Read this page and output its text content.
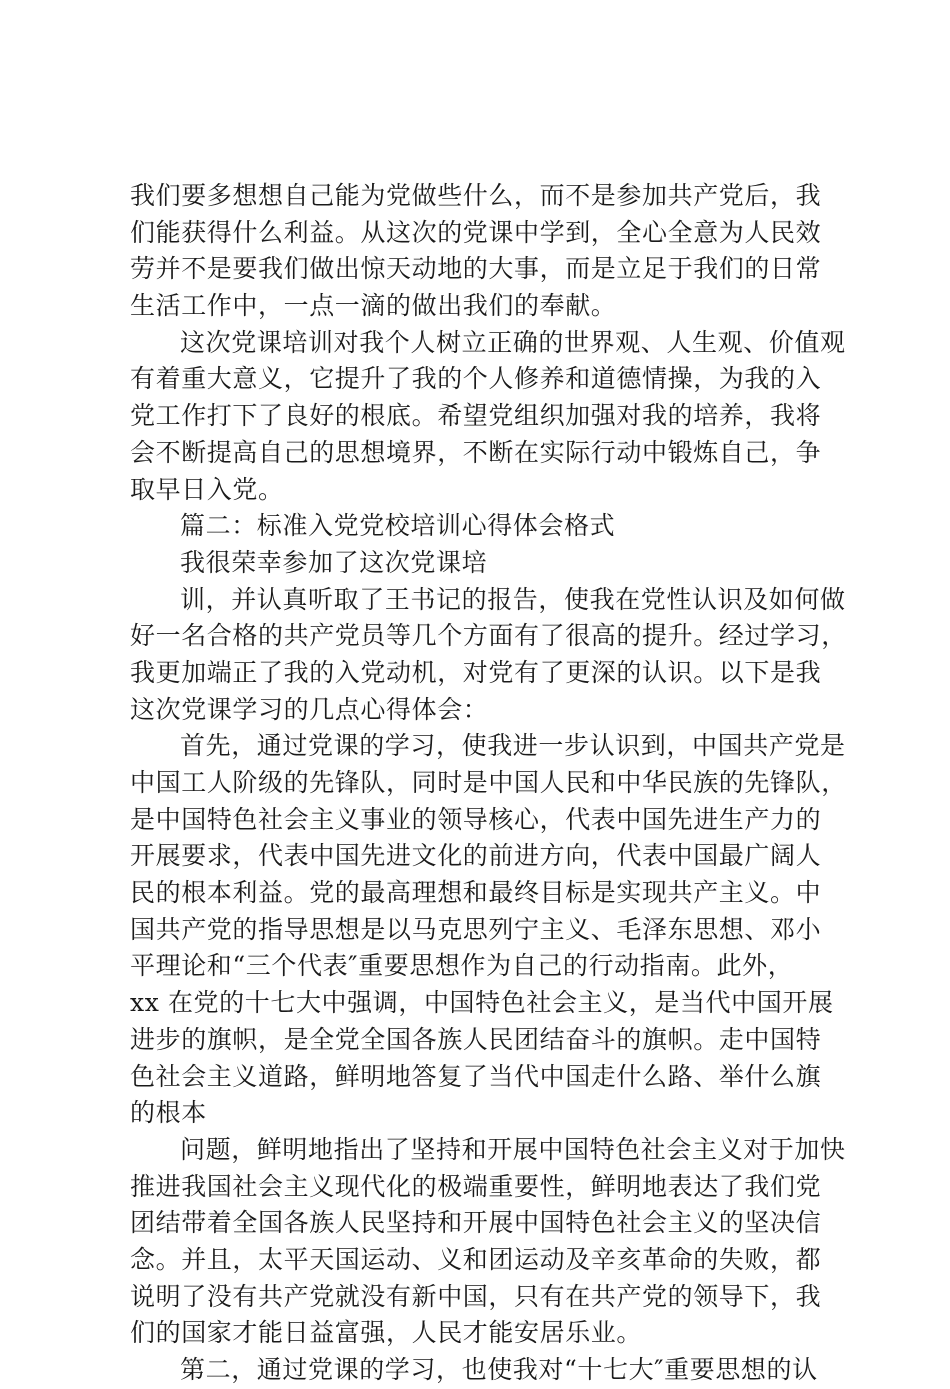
我们要多想想自己能为党做些什么，而不是参加共产党后，我
们能获得什么利益。从这次的党课中学到，全心全意为人民效
劳并不是要我们做出惊天动地的大事，而是立足于我们的日常
生活工作中，一点一滴的做出我们的奉献。
这次党课培训对我个人树立正确的世界观、人生观、价值观
有着重大意义，它提升了我的个人修养和道德情操，为我的入
党工作打下了良好的根底。希望党组织加强对我的培养，我将
会不断提高自己的思想境界，不断在实际行动中锻炼自己，争
取早日入党。
篇二：标准入党党校培训心得体会格式
我很荣幸参加了这次党课培
训，并认真听取了王书记的报告，使我在党性认识及如何做
好一名合格的共产党员等几个方面有了很高的提升。经过学习，
我更加端正了我的入党动机，对党有了更深的认识。以下是我
这次党课学习的几点心得体会：
首先，通过党课的学习，使我进一步认识到，中国共产党是
中国工人阶级的先锋队，同时是中国人民和中华民族的先锋队，
是中国特色社会主义事业的领导核心，代表中国先进生产力的
开展要求，代表中国先进文化的前进方向，代表中国最广阔人
民的根本利益。党的最高理想和最终目标是实现共产主义。中
国共产党的指导思想是以马克思列宁主义、毛泽东思想、邓小
平理论和“三个代表″重要思想作为自己的行动指南。此外，
xx 在党的十七大中强调，中国特色社会主义，是当代中国开展
进步的旗帜，是全党全国各族人民团结奋斗的旗帜。走中国特
色社会主义道路，鲜明地答复了当代中国走什么路、举什么旗
的根本
问题，鲜明地指出了坚持和开展中国特色社会主义对于加快
推进我国社会主义现代化的极端重要性，鲜明地表达了我们党
团结带着全国各族人民坚持和开展中国特色社会主义的坚决信
念。并且，太平天国运动、义和团运动及辛亥革命的失败，都
说明了没有共产党就没有新中国，只有在共产党的领导下，我
们的国家才能日益富强，人民才能安居乐业。
第二，通过党课的学习，也使我对“十七大″重要思想的认
